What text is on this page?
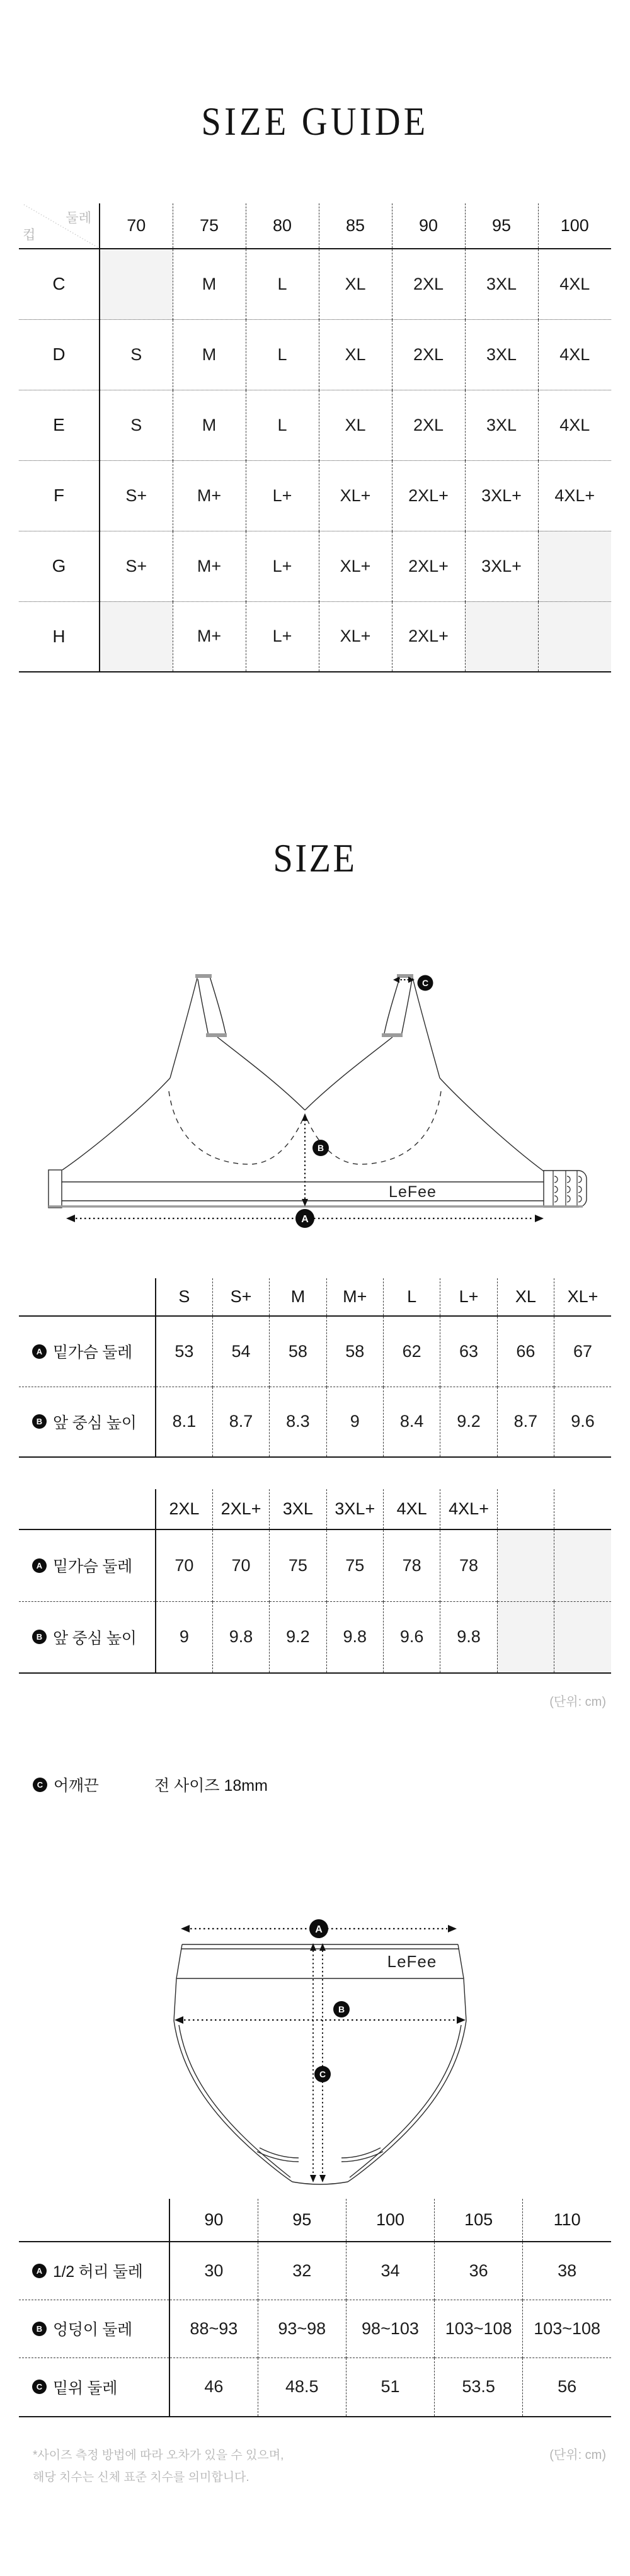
SIZE GUIDE
둘레
컵	70	75	80	85	90	95	100
C		M	L	XL	2XL	3XL	4XL
D	S	M	L	XL	2XL	3XL	4XL
E	S	M	L	XL	2XL	3XL	4XL
F	S+	M+	L+	XL+	2XL+	3XL+	4XL+
G	S+	M+	L+	XL+	2XL+	3XL+	
H		M+	L+	XL+	2XL+		
SIZE
LeFee
C
B
A
	S	S+	M	M+	L	L+	XL	XL+

A 밑가슴 둘레	53	54	58	58	62	63	66	67

B 앞 중심 높이	8.1	8.7	8.3	9	8.4	9.2	8.7	9.6
	2XL	2XL+	3XL	3XL+	4XL	4XL+		

A 밑가슴 둘레	70	70	75	75	78	78		

B 앞 중심 높이	9	9.8	9.2	9.8	9.6	9.8		
(단위: cm)
C 어깨끈	전 사이즈 18mm
LeFee
A
B
C
	90	95	100	105	110

A 1/2 허리 둘레	30	32	34	36	38

B 엉덩이 둘레	88~93	93~98	98~103	103~108	103~108

C 밑위 둘레	46	48.5	51	53.5	56
(단위: cm)
*사이즈 측정 방법에 따라 오차가 있을 수 있으며,
해당 치수는 신체 표준 치수를 의미합니다.
